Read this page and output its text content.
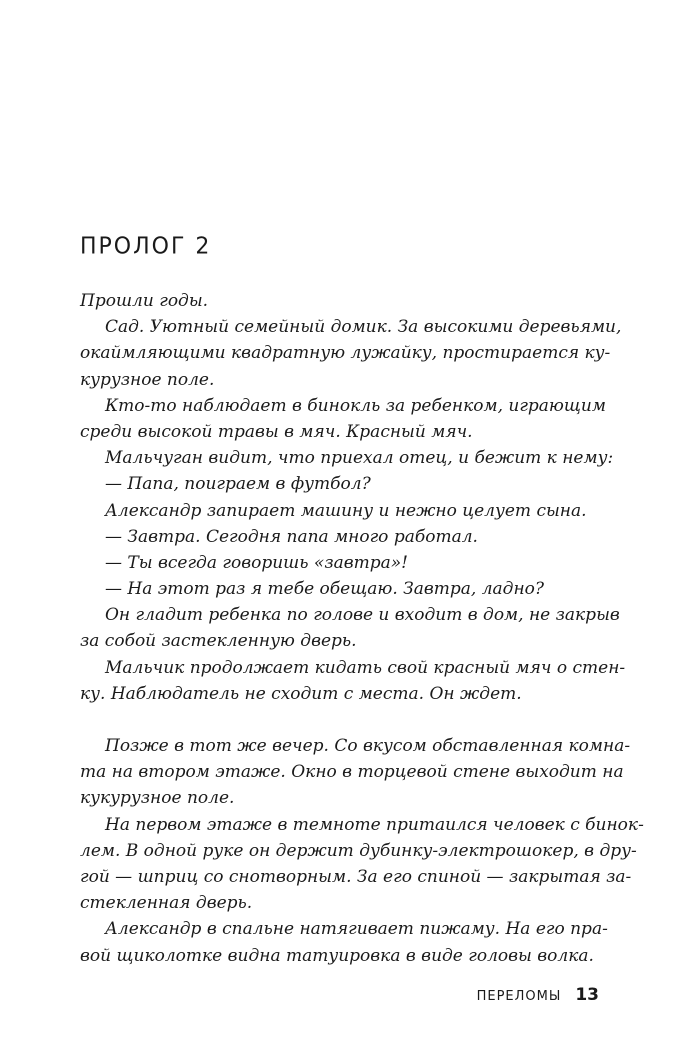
ПРОЛОГ 2
Прошли годы.
Сад. Уютный семейный домик. За высокими деревьями,
окаймляющими квадратную лужайку, простирается ку-
курузное поле.
Кто-то наблюдает в бинокль за ребенком, играющим
среди высокой травы в мяч. Красный мяч.
Мальчуган видит, что приехал отец, и бежит к нему:
— Папа, поиграем в футбол?
Александр запирает машину и нежно целует сына.
— Завтра. Сегодня папа много работал.
— Ты всегда говоришь «завтра»!
— На этот раз я тебе обещаю. Завтра, ладно?
Он гладит ребенка по голове и входит в дом, не закрыв
за собой застекленную дверь.
Мальчик продолжает кидать свой красный мяч о стен-
ку. Наблюдатель не сходит с места. Он ждет.
Позже в тот же вечер. Со вкусом обставленная комна-
та на втором этаже. Окно в торцевой стене выходит на
кукурузное поле.
На первом этаже в темноте притаился человек с бинок-
лем. В одной руке он держит дубинку-электрошокер, в дру-
гой — шприц со снотворным. За его спиной — закрытая за-
стекленная дверь.
Александр в спальне натягивает пижаму. На его пра-
вой щиколотке видна татуировка в виде головы волка.
ПЕРЕЛОМЫ 13
